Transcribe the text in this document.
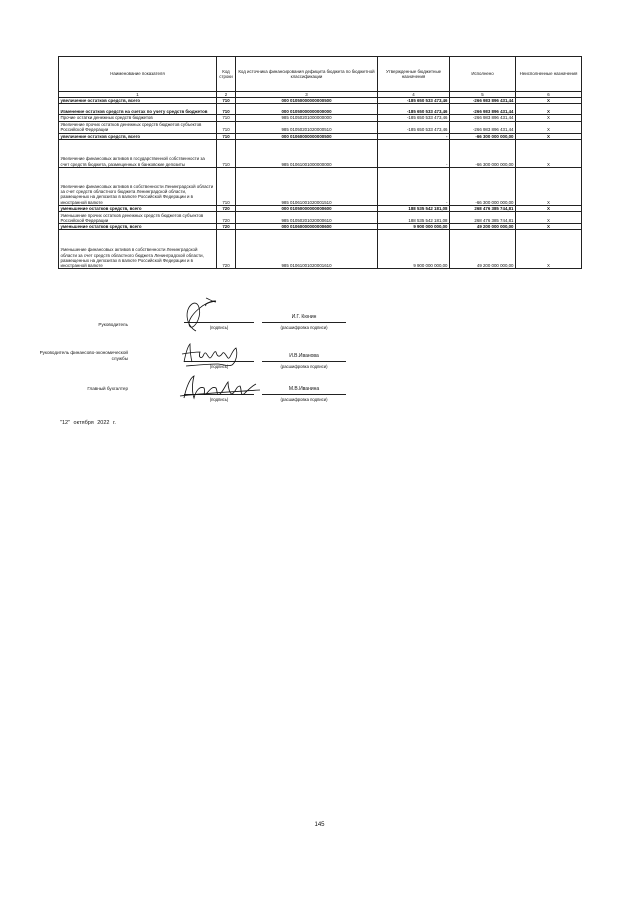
Наименование показателя	Код строки	Код источника финансирования дефицита бюджета по бюджетной классификации	Утвержденные бюджетные назначения	Исполнено	Неисполненные назначения
1	2	3	4	5	6
увеличение остатков средств, всего	710	000 01050000000000500	-185 650 533 473,46	-266 983 896 431,44	X
Изменение остатков средств на счетах по учету средств бюджетов	710	000 01050000000000000	-185 650 533 473,46	-266 983 896 431,44	X
Прочие остатки денежных средств бюджетов	710	985 01050201000000000	-185 650 533 473,46	-266 983 896 431,44	X
Увеличение прочих остатков денежных средств бюджетов субъектов Российской Федерации	710	985 01050201020000510	-185 650 533 473,46	-266 983 896 431,44	X
увеличение остатков средств, всего	710	000 01060000000000500	-	-66 300 000 000,00	X
Увеличение финансовых активов в государственной собственности за счет средств бюджета, размещенных в банковские депозиты	710	985 01061001000000000	-	-66 300 000 000,00	X
Увеличение финансовых активов в собственности Ленинградской области за счет средств областного бюджета Ленинградской области, размещенных на депозитах в валюте Российской Федерации и в иностранной валюте	710	985 01061001020001510	-	-66 300 000 000,00	X
уменьшение остатков средств, всего	720	000 01050000000000600	188 535 542 181,08	268 476 385 744,81	X
Уменьшение прочих остатков денежных средств бюджетов субъектов Российской Федерации	720	985 01050201020000610	188 535 542 181,08	268 476 385 744,81	X
уменьшение остатков средств, всего	720	000 01060000000000600	9 900 000 000,00	49 200 000 000,00	X
Уменьшение финансовых активов в собственности Ленинградской области за счет средств областного бюджета Ленинградской области, размещенных на депозитах в валюте Российской Федерации и в иностранной валюте	720	985 01061001020001610	9 900 000 000,00	49 200 000 000,00	X
Руководитель
(подпись)
И.Г. Кюнин
(расшифровка подписи)
Руководитель финансово-экономической службы
(подпись)
И.В.Иванова
(расшифровка подписи)
Главный бухгалтер
(подпись)
М.В.Иванина
(расшифровка подписи)
"12" октября 2022 г.
145
